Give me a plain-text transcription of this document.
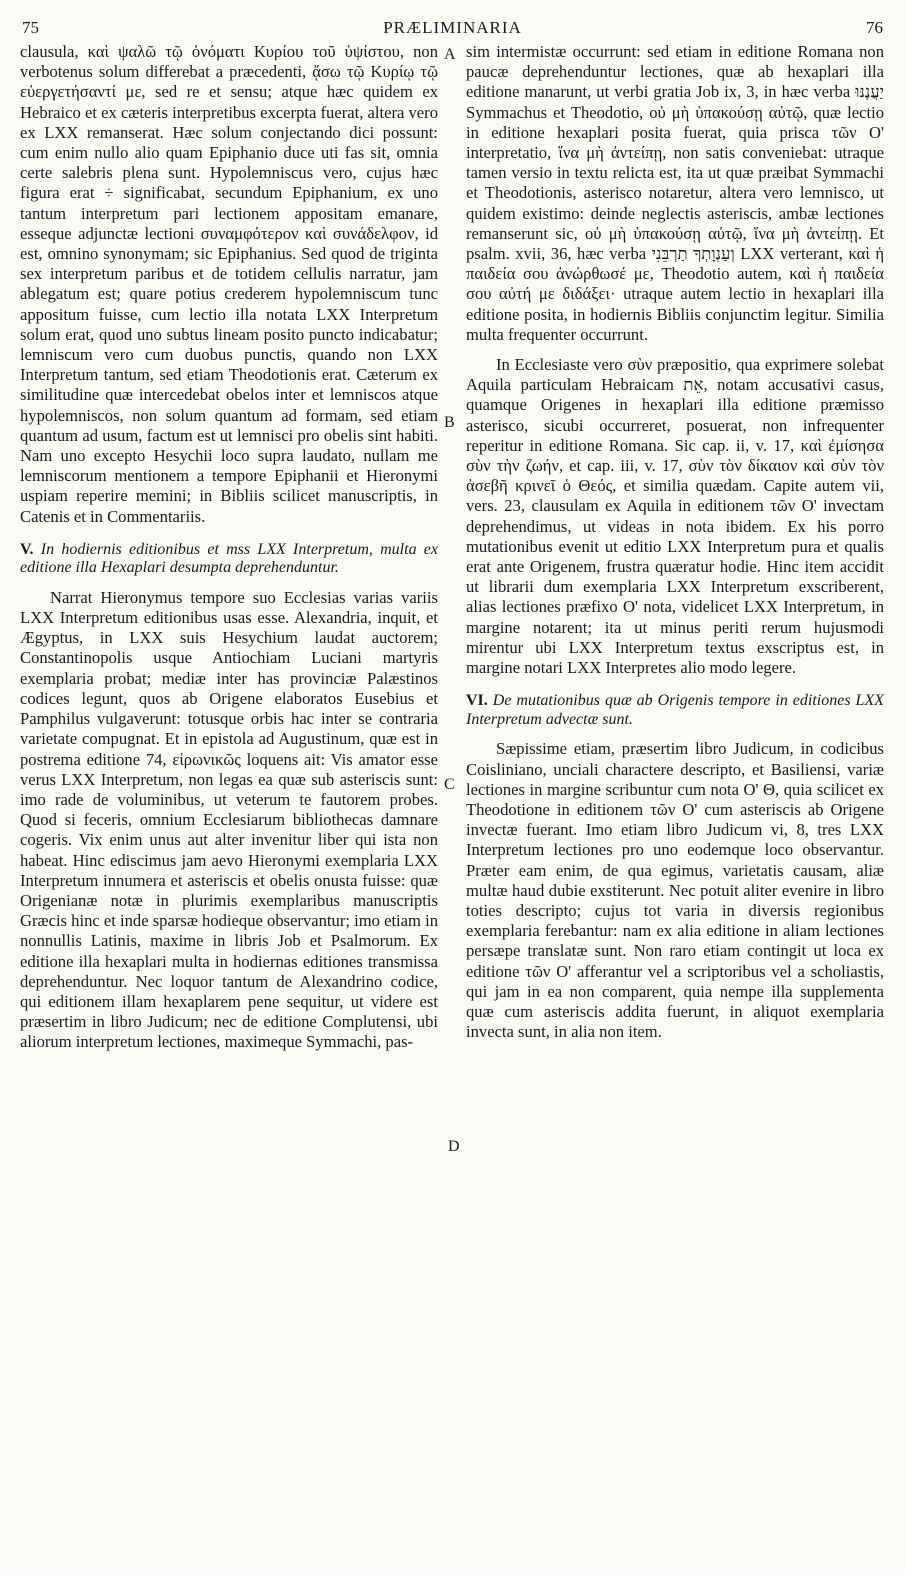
75	PRÆLIMINARIA	76
A
B
C
D

clausula, καὶ ψαλῶ τῷ ὀνόματι Κυρίου τοῦ ὑψίστου, non verbotenus solum differebat a præcedenti, ᾄσω τῷ Κυρίῳ τῷ εὐεργετήσαντί με, sed re et sensu; atque hæc quidem ex Hebraico et ex cæteris interpretibus excerpta fuerat, altera vero ex LXX remanserat. Hæc solum conjectando dici possunt: cum enim nullo alio quam Epiphanio duce uti fas sit, omnia certe salebris plena sunt. Hypolemniscus vero, cujus hæc figura erat ÷ significabat, secundum Epiphanium, ex uno tantum interpretum pari lectionem appositam emanare, esseque adjunctæ lectioni συναμφότερον καὶ συνάδελφον, id est, omnino synonymam; sic Epiphanius. Sed quod de triginta sex interpretum paribus et de totidem cellulis narratur, jam ablegatum est; quare potius crederem hypolemniscum tunc appositum fuisse, cum lectio illa notata LXX Interpretum solum erat, quod uno subtus lineam posito puncto indicabatur; lemniscum vero cum duobus punctis, quando non LXX Interpretum tantum, sed etiam Theodotionis erat. Cæterum ex similitudine quæ intercedebat obelos inter et lemniscos atque hypolemniscos, non solum quantum ad formam, sed etiam quantum ad usum, factum est ut lemnisci pro obelis sint habiti. Nam uno excepto Hesychii loco supra laudato, nullam me lemniscorum mentionem a tempore Epiphanii et Hieronymi uspiam reperire memini; in Bibliis scilicet manuscriptis, in Catenis et in Commentariis.

V. In hodiernis editionibus et mss LXX Interpretum, multa ex editione illa Hexaplari desumpta deprehenduntur.

Narrat Hieronymus tempore suo Ecclesias varias variis LXX Interpretum editionibus usas esse. Alexandria, inquit, et Ægyptus, in LXX suis Hesychium laudat auctorem; Constantinopolis usque Antiochiam Luciani martyris exemplaria probat; mediæ inter has provinciæ Palæstinos codices legunt, quos ab Origene elaboratos Eusebius et Pamphilus vulgaverunt: totusque orbis hac inter se contraria varietate compugnat. Et in epistola ad Augustinum, quæ est in postrema editione 74, εἰρωνικῶς loquens ait: Vis amator esse verus LXX Interpretum, non legas ea quæ sub asteriscis sunt: imo rade de voluminibus, ut veterum te fautorem probes. Quod si feceris, omnium Ecclesiarum bibliothecas damnare cogeris. Vix enim unus aut alter invenitur liber qui ista non habeat. Hinc ediscimus jam aevo Hieronymi exemplaria LXX Interpretum innumera et asteriscis et obelis onusta fuisse: quæ Origenianæ notæ in plurimis exemplaribus manuscriptis Græcis hinc et inde sparsæ hodieque observantur; imo etiam in nonnullis Latinis, maxime in libris Job et Psalmorum. Ex editione illa hexaplari multa in hodiernas editiones transmissa deprehenduntur. Nec loquor tantum de Alexandrino codice, qui editionem illam hexaplarem pene sequitur, ut videre est præsertim in libro Judicum; nec de editione Complutensi, ubi aliorum interpretum lectiones, maximeque Symmachi, pas-

sim intermistæ occurrunt: sed etiam in editione Romana non paucæ deprehenduntur lectiones, quæ ab hexaplari illa editione manarunt, ut verbi gratia Job ix, 3, in hæc verba יַעֲנֶנּוּ Symmachus et Theodotio, οὐ μὴ ὑπακούσῃ αὐτῷ, quæ lectio in editione hexaplari posita fuerat, quia prisca τῶν Ο' interpretatio, ἵνα μὴ ἀντείπῃ, non satis conveniebat: utraque tamen versio in textu relicta est, ita ut quæ præibat Symmachi et Theodotionis, asterisco notaretur, altera vero lemnisco, ut quidem existimo: deinde neglectis asteriscis, ambæ lectiones remanserunt sic, οὐ μὴ ὑπακούσῃ αὐτῷ, ἵνα μὴ ἀντείπῃ. Et psalm. xvii, 36, hæc verba וְעַנְוָתְךָ תַרְבֵּנִי LXX verterant, καὶ ἡ παιδεία σου ἀνώρθωσέ με, Theodotio autem, καὶ ἡ παιδεία σου αὐτή με διδάξει· utraque autem lectio in hexaplari illa editione posita, in hodiernis Bibliis conjunctim legitur. Similia multa frequenter occurrunt.

In Ecclesiaste vero σὺν præpositio, qua exprimere solebat Aquila particulam Hebraicam אֵת, notam accusativi casus, quamque Origenes in hexaplari illa editione præmisso asterisco, sicubi occurreret, posuerat, non infrequenter reperitur in editione Romana. Sic cap. ii, v. 17, καὶ ἐμίσησα σὺν τὴν ζωήν, et cap. iii, v. 17, σὺν τὸν δίκαιον καὶ σὺν τὸν ἀσεβῆ κρινεῖ ὁ Θεός, et similia quædam. Capite autem vii, vers. 23, clausulam ex Aquila in editionem τῶν Ο' invectam deprehendimus, ut videas in nota ibidem. Ex his porro mutationibus evenit ut editio LXX Interpretum pura et qualis erat ante Origenem, frustra quæratur hodie. Hinc item accidit ut librarii dum exemplaria LXX Interpretum exscriberent, alias lectiones præfixo Ο' nota, videlicet LXX Interpretum, in margine notarent; ita ut minus periti rerum hujusmodi mirentur ubi LXX Interpretum textus exscriptus est, in margine notari LXX Interpretes alio modo legere.

VI. De mutationibus quæ ab Origenis tempore in editiones LXX Interpretum advectæ sunt.

Sæpissime etiam, præsertim libro Judicum, in codicibus Coisliniano, unciali charactere descripto, et Basiliensi, variæ lectiones in margine scribuntur cum nota Ο' Θ, quia scilicet ex Theodotione in editionem τῶν Ο' cum asteriscis ab Origene invectæ fuerant. Imo etiam libro Judicum vi, 8, tres LXX Interpretum lectiones pro uno eodemque loco observantur. Præter eam enim, de qua egimus, varietatis causam, aliæ multæ haud dubie exstiterunt. Nec potuit aliter evenire in libro toties descripto; cujus tot varia in diversis regionibus exemplaria ferebantur: nam ex alia editione in aliam lectiones persæpe translatæ sunt. Non raro etiam contingit ut loca ex editione τῶν Ο' afferantur vel a scriptoribus vel a scholiastis, qui jam in ea non comparent, quia nempe illa supplementa quæ cum asteriscis addita fuerunt, in aliquot exemplaria invecta sunt, in alia non item.
